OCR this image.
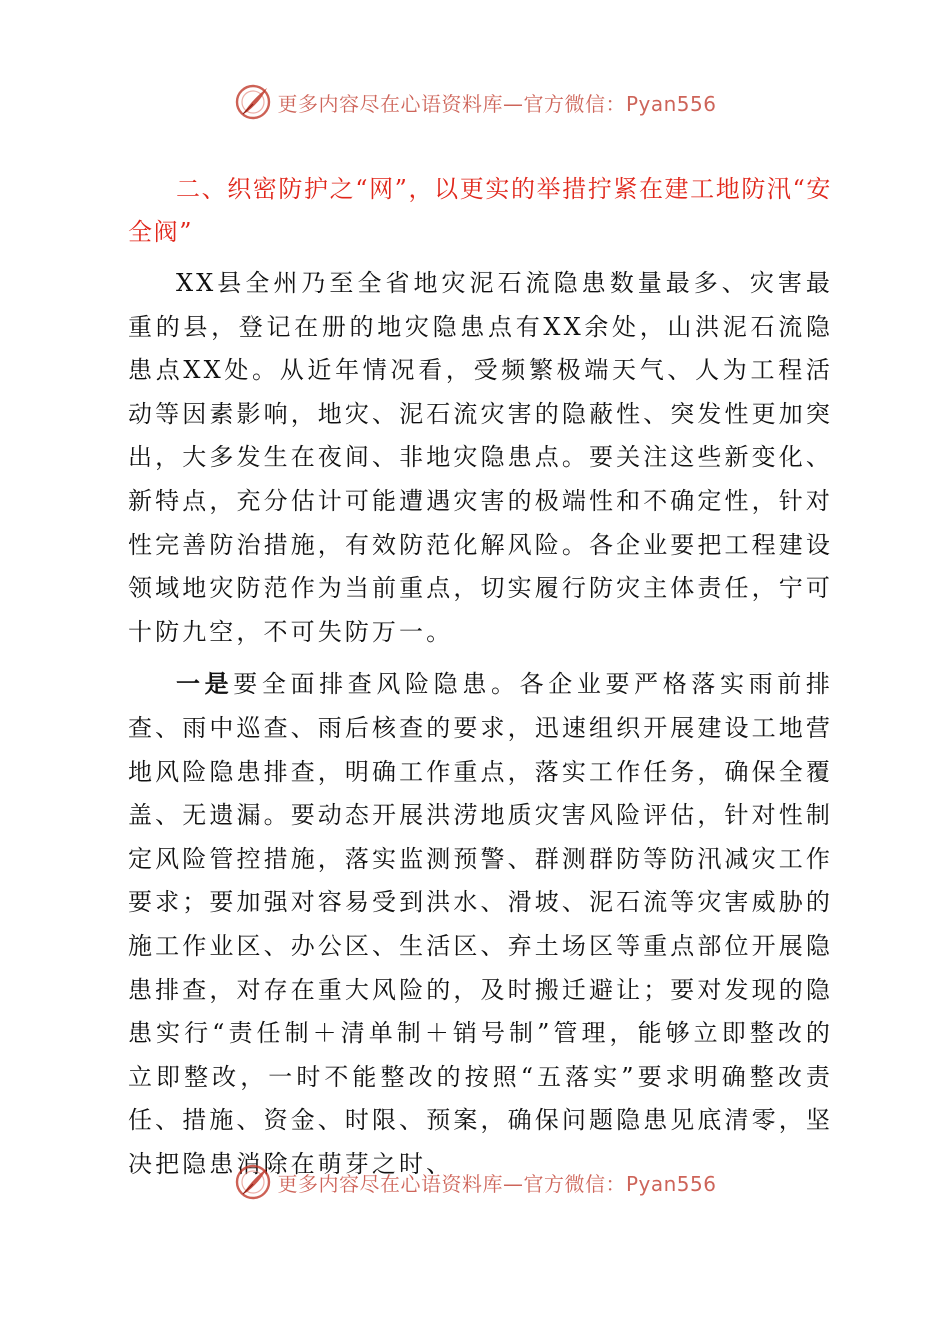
更多内容尽在心语资料库—官方微信：Pyan556
二、织密防护之“网”，以更实的举措拧紧在建工地防汛“安全阀”

XX县全州乃至全省地灾泥石流隐患数量最多、灾害最重的县，登记在册的地灾隐患点有XX余处，山洪泥石流隐患点XX处。从近年情况看，受频繁极端天气、人为工程活动等因素影响，地灾、泥石流灾害的隐蔽性、突发性更加突出，大多发生在夜间、非地灾隐患点。要关注这些新变化、新特点，充分估计可能遭遇灾害的极端性和不确定性，针对性完善防治措施，有效防范化解风险。各企业要把工程建设领域地灾防范作为当前重点，切实履行防灾主体责任，宁可十防九空，不可失防万一。

一是要全面排查风险隐患。各企业要严格落实雨前排查、雨中巡查、雨后核查的要求，迅速组织开展建设工地营地风险隐患排查，明确工作重点，落实工作任务，确保全覆盖、无遗漏。要动态开展洪涝地质灾害风险评估，针对性制定风险管控措施，落实监测预警、群测群防等防汛减灾工作要求；要加强对容易受到洪水、滑坡、泥石流等灾害威胁的施工作业区、办公区、生活区、弃土场区等重点部位开展隐患排查，对存在重大风险的，及时搬迁避让；要对发现的隐患实行“责任制＋清单制＋销号制”管理，能够立即整改的立即整改，一时不能整改的按照“五落实”要求明确整改责任、措施、资金、时限、预案，确保问题隐患见底清零，坚决把隐患消除在萌芽之时、

更多内容尽在心语资料库—官方微信：Pyan556
